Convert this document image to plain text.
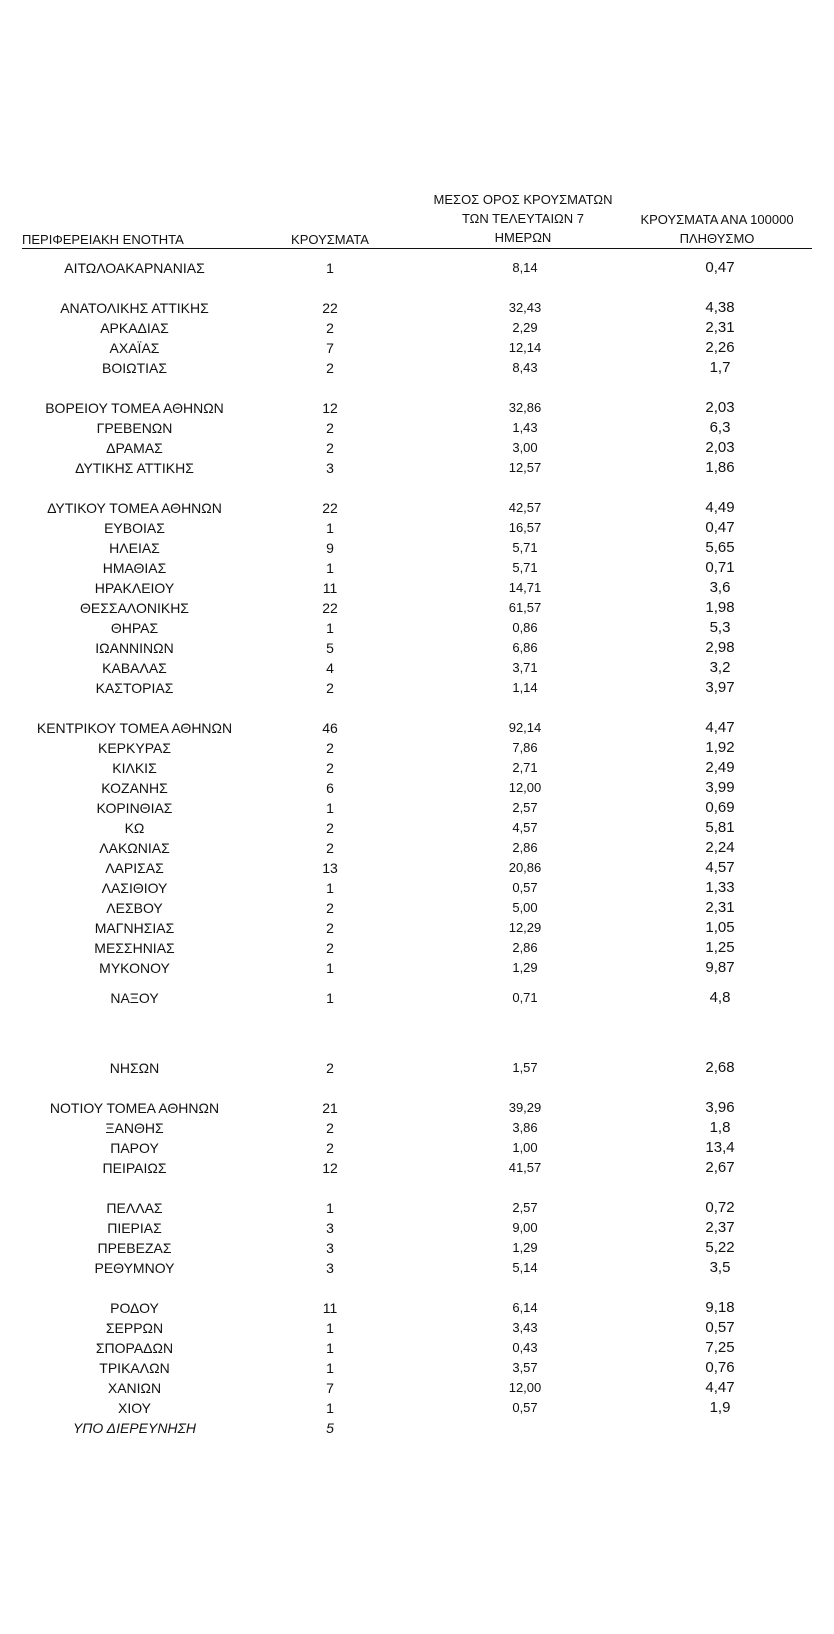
ΠΕΡΙΦΕΡΕΙΑΚΗ ΕΝΟΤΗΤΑ	ΚΡΟΥΣΜΑΤΑ
ΜΕΣΟΣ ΟΡΟΣ ΚΡΟΥΣΜΑΤΩΝ
ΤΩΝ ΤΕΛΕΥΤΑΙΩΝ 7
ΗΜΕΡΩΝ
ΚΡΟΥΣΜΑΤΑ ΑΝΑ 100000
ΠΛΗΘΥΣΜΟ
ΑΙΤΩΛΟΑΚΑΡΝΑΝΙΑΣ	1	8,14	0,47
ΑΝΑΤΟΛΙΚΗΣ ΑΤΤΙΚΗΣ	22	32,43	4,38
ΑΡΚΑΔΙΑΣ	2	2,29	2,31
ΑΧΑΪΑΣ	7	12,14	2,26
ΒΟΙΩΤΙΑΣ	2	8,43	1,7
ΒΟΡΕΙΟΥ ΤΟΜΕΑ ΑΘΗΝΩΝ	12	32,86	2,03
ΓΡΕΒΕΝΩΝ	2	1,43	6,3
ΔΡΑΜΑΣ	2	3,00	2,03
ΔΥΤΙΚΗΣ ΑΤΤΙΚΗΣ	3	12,57	1,86
ΔΥΤΙΚΟΥ ΤΟΜΕΑ ΑΘΗΝΩΝ	22	42,57	4,49
ΕΥΒΟΙΑΣ	1	16,57	0,47
ΗΛΕΙΑΣ	9	5,71	5,65
ΗΜΑΘΙΑΣ	1	5,71	0,71
ΗΡΑΚΛΕΙΟΥ	11	14,71	3,6
ΘΕΣΣΑΛΟΝΙΚΗΣ	22	61,57	1,98
ΘΗΡΑΣ	1	0,86	5,3
ΙΩΑΝΝΙΝΩΝ	5	6,86	2,98
ΚΑΒΑΛΑΣ	4	3,71	3,2
ΚΑΣΤΟΡΙΑΣ	2	1,14	3,97
ΚΕΝΤΡΙΚΟΥ ΤΟΜΕΑ ΑΘΗΝΩΝ	46	92,14	4,47
ΚΕΡΚΥΡΑΣ	2	7,86	1,92
ΚΙΛΚΙΣ	2	2,71	2,49
ΚΟΖΑΝΗΣ	6	12,00	3,99
ΚΟΡΙΝΘΙΑΣ	1	2,57	0,69
ΚΩ	2	4,57	5,81
ΛΑΚΩΝΙΑΣ	2	2,86	2,24
ΛΑΡΙΣΑΣ	13	20,86	4,57
ΛΑΣΙΘΙΟΥ	1	0,57	1,33
ΛΕΣΒΟΥ	2	5,00	2,31
ΜΑΓΝΗΣΙΑΣ	2	12,29	1,05
ΜΕΣΣΗΝΙΑΣ	2	2,86	1,25
ΜΥΚΟΝΟΥ	1	1,29	9,87
ΝΑΞΟΥ	1	0,71	4,8
ΝΗΣΩΝ	2	1,57	2,68
ΝΟΤΙΟΥ ΤΟΜΕΑ ΑΘΗΝΩΝ	21	39,29	3,96
ΞΑΝΘΗΣ	2	3,86	1,8
ΠΑΡΟΥ	2	1,00	13,4
ΠΕΙΡΑΙΩΣ	12	41,57	2,67
ΠΕΛΛΑΣ	1	2,57	0,72
ΠΙΕΡΙΑΣ	3	9,00	2,37
ΠΡΕΒΕΖΑΣ	3	1,29	5,22
ΡΕΘΥΜΝΟΥ	3	5,14	3,5
ΡΟΔΟΥ	11	6,14	9,18
ΣΕΡΡΩΝ	1	3,43	0,57
ΣΠΟΡΑΔΩΝ	1	0,43	7,25
ΤΡΙΚΑΛΩΝ	1	3,57	0,76
ΧΑΝΙΩΝ	7	12,00	4,47
ΧΙΟΥ	1	0,57	1,9
ΥΠΟ ΔΙΕΡΕΥΝΗΣΗ	5
